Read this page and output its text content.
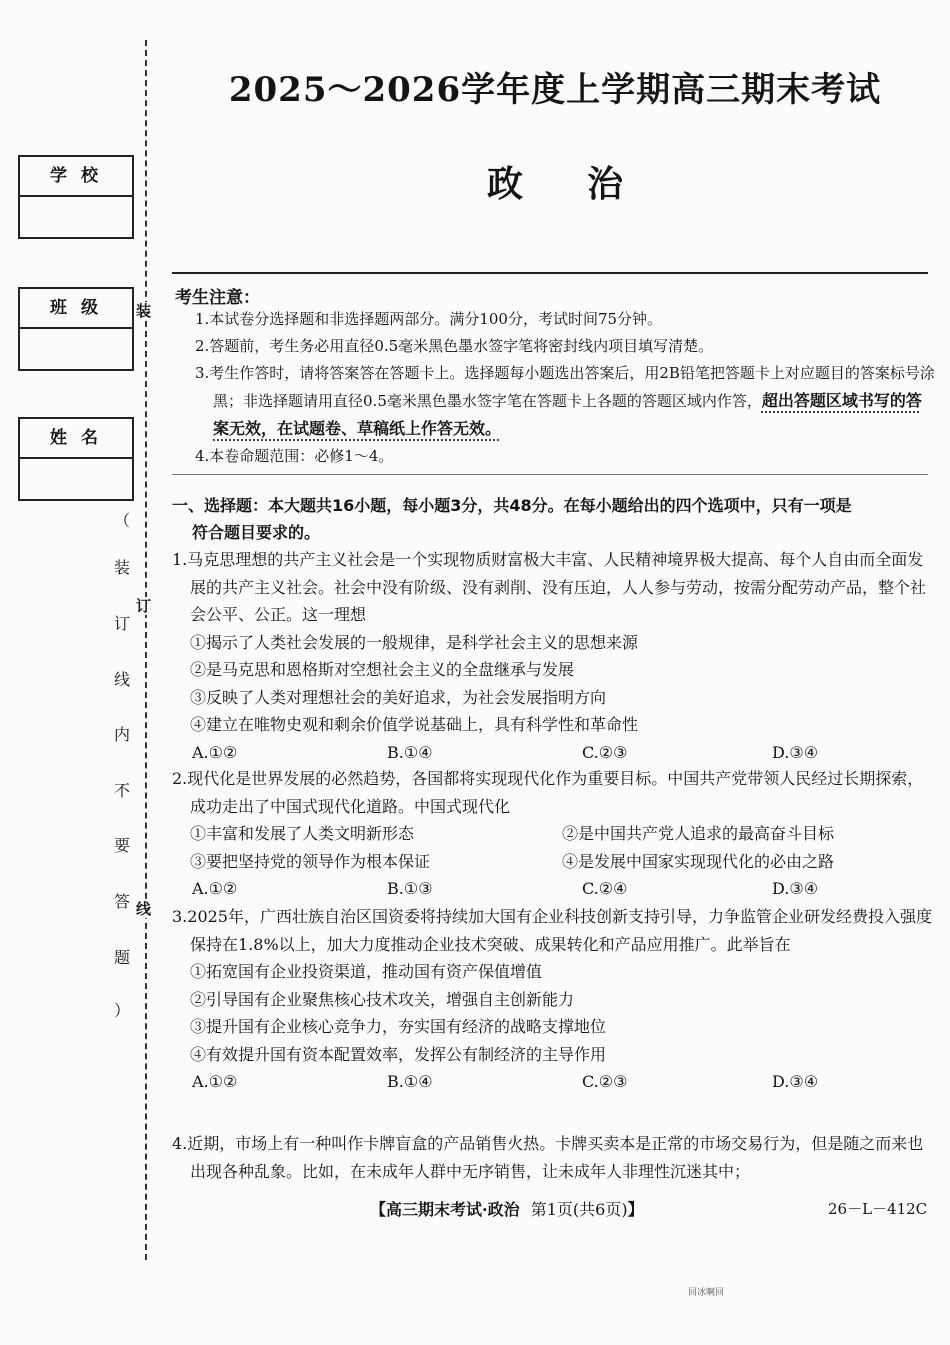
装
订
线
学 校
班 级
姓 名
（
装
订
线
内
不
要
答
题
）
2025～2026学年度上学期高三期末考试
政治
考生注意：

1.本试卷分选择题和非选择题两部分。满分100分，考试时间75分钟。

2.答题前，考生务必用直径0.5毫米黑色墨水签字笔将密封线内项目填写清楚。

3.考生作答时，请将答案答在答题卡上。选择题每小题选出答案后，用2B铅笔把答题卡上对应题目的答案标号涂黑；非选择题请用直径0.5毫米黑色墨水签字笔在答题卡上各题的答题区域内作答，超出答题区域书写的答案无效，在试题卷、草稿纸上作答无效。

4.本卷命题范围：必修1～4。

一、选择题：本大题共16小题，每小题3分，共48分。在每小题给出的四个选项中，只有一项是
符合题目要求的。
1.马克思理想的共产主义社会是一个实现物质财富极大丰富、人民精神境界极大提高、每个人自由而全面发展的共产主义社会。社会中没有阶级、没有剥削、没有压迫，人人参与劳动，按需分配劳动产品，整个社会公平、公正。这一理想
①揭示了人类社会发展的一般规律，是科学社会主义的思想来源
②是马克思和恩格斯对空想社会主义的全盘继承与发展
③反映了人类对理想社会的美好追求，为社会发展指明方向
④建立在唯物史观和剩余价值学说基础上，具有科学性和革命性
A.①②	B.①④	C.②③	D.③④
2.现代化是世界发展的必然趋势，各国都将实现现代化作为重要目标。中国共产党带领人民经过长期探索，成功走出了中国式现代化道路。中国式现代化
①丰富和发展了人类文明新形态	②是中国共产党人追求的最高奋斗目标
③要把坚持党的领导作为根本保证	④是发展中国家实现现代化的必由之路
A.①②	B.①③	C.②④	D.③④
3.2025年，广西壮族自治区国资委将持续加大国有企业科技创新支持引导，力争监管企业研发经费投入强度保持在1.8%以上，加大力度推动企业技术突破、成果转化和产品应用推广。此举旨在
①拓宽国有企业投资渠道，推动国有资产保值增值
②引导国有企业聚焦核心技术攻关，增强自主创新能力
③提升国有企业核心竞争力，夯实国有经济的战略支撑地位
④有效提升国有资本配置效率，发挥公有制经济的主导作用
A.①②	B.①④	C.②③	D.③④
4.近期，市场上有一种叫作卡牌盲盒的产品销售火热。卡牌买卖本是正常的市场交易行为，但是随之而来也出现各种乱象。比如，在未成年人群中无序销售，让未成年人非理性沉迷其中；
【高三期末考试·政治 第1页(共6页)】	26－L－412C
回冰啊回
